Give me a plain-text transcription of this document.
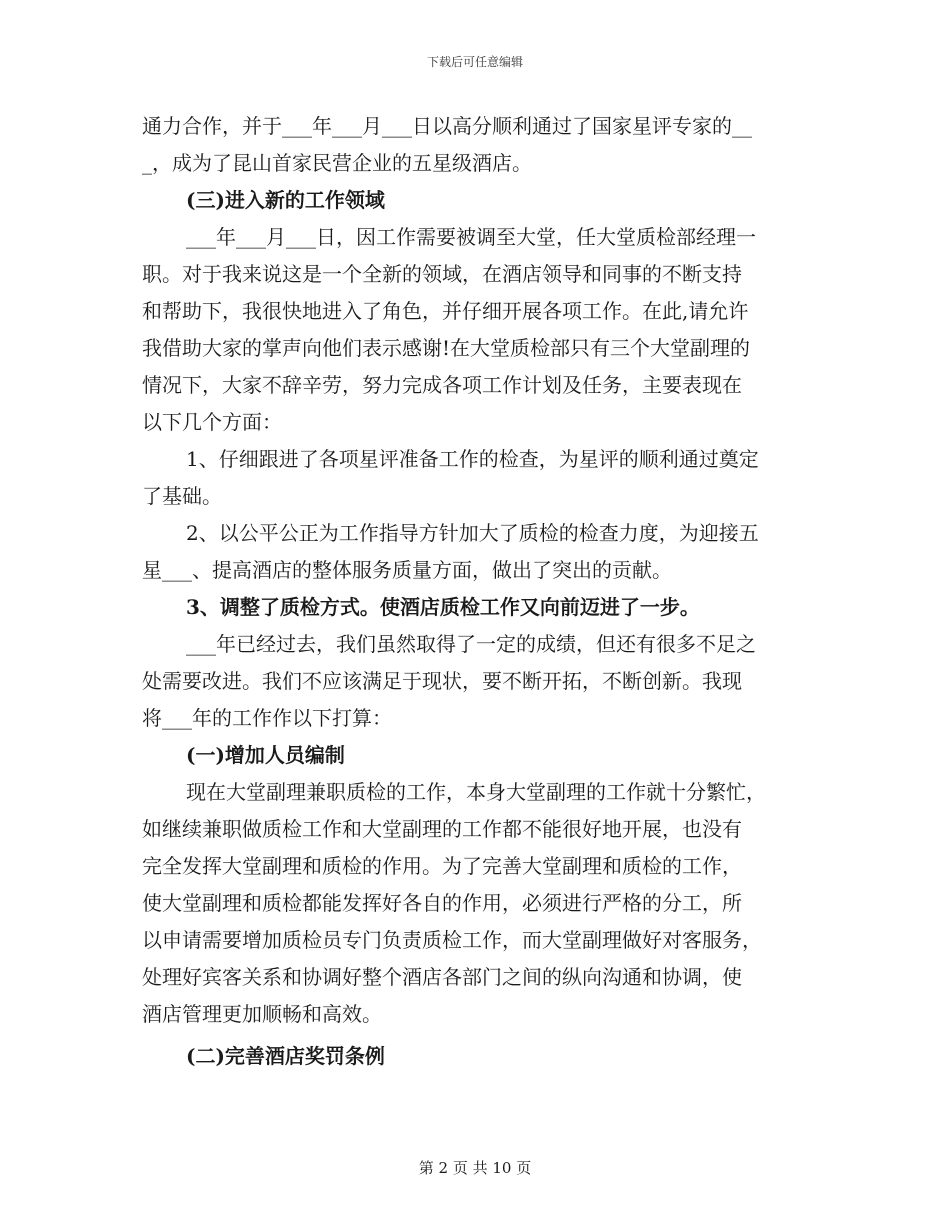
下载后可任意编辑
通力合作，并于___年___月___日以高分顺利通过了国家星评专家的__
_，成为了昆山首家民营企业的五星级酒店。
(三)进入新的工作领域
___年___月___日，因工作需要被调至大堂，任大堂质检部经理一
职。对于我来说这是一个全新的领域，在酒店领导和同事的不断支持
和帮助下，我很快地进入了角色，并仔细开展各项工作。在此,请允许
我借助大家的掌声向他们表示感谢!在大堂质检部只有三个大堂副理的
情况下，大家不辞辛劳，努力完成各项工作计划及任务，主要表现在
以下几个方面：
1、仔细跟进了各项星评准备工作的检查，为星评的顺利通过奠定
了基础。
2、以公平公正为工作指导方针加大了质检的检查力度，为迎接五
星___、提高酒店的整体服务质量方面，做出了突出的贡献。
3、调整了质检方式。使酒店质检工作又向前迈进了一步。
___年已经过去，我们虽然取得了一定的成绩，但还有很多不足之
处需要改进。我们不应该满足于现状，要不断开拓，不断创新。我现
将___年的工作作以下打算：
(一)增加人员编制
现在大堂副理兼职质检的工作，本身大堂副理的工作就十分繁忙，
如继续兼职做质检工作和大堂副理的工作都不能很好地开展，也没有
完全发挥大堂副理和质检的作用。为了完善大堂副理和质检的工作，
使大堂副理和质检都能发挥好各自的作用，必须进行严格的分工，所
以申请需要增加质检员专门负责质检工作，而大堂副理做好对客服务，
处理好宾客关系和协调好整个酒店各部门之间的纵向沟通和协调，使
酒店管理更加顺畅和高效。
(二)完善酒店奖罚条例
第 2 页 共 10 页
